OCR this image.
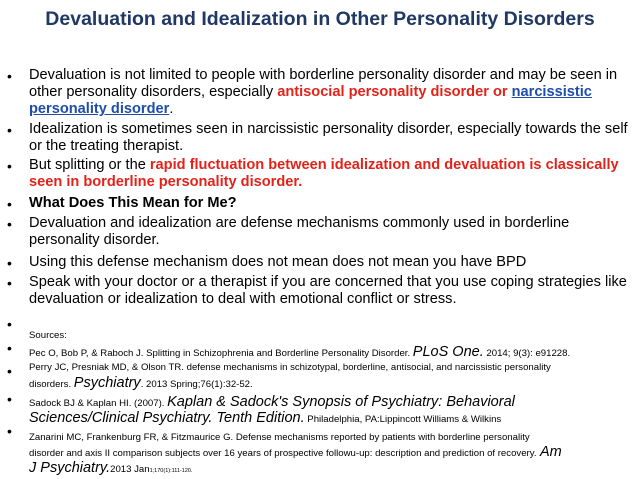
Devaluation and Idealization in Other Personality Disorders
• Devaluation is not limited to people with borderline personality disorder and may be seen in other personality disorders, especially antisocial personality disorder or narcissistic personality disorder.
• Idealization is sometimes seen in narcissistic personality disorder, especially towards the self or the treating therapist.
• But splitting or the rapid fluctuation between idealization and devaluation is classically seen in borderline personality disorder.
• What Does This Mean for Me?
• Devaluation and idealization are defense mechanisms commonly used in borderline personality disorder.
• Using this defense mechanism does not mean does not mean you have BPD
• Speak with your doctor or a therapist if you are concerned that you use coping strategies like devaluation or idealization to deal with emotional conflict or stress.
•
•
•
•
•
Sources:
Pec O, Bob P, & Raboch J. Splitting in Schizophrenia and Borderline Personality Disorder. PLoS One. 2014; 9(3): e91228.
Perry JC, Presniak MD, & Olson TR. defense mechanisms in schizotypal, borderline, antisocial, and narcissistic personality
disorders. Psychiatry. 2013 Spring;76(1):32-52.
Sadock BJ & Kaplan HI. (2007). Kaplan & Sadock's Synopsis of Psychiatry: Behavioral
Sciences/Clinical Psychiatry. Tenth Edition. Philadelphia, PA:Lippincott Williams & Wilkins
Zanarini MC, Frankenburg FR, & Fitzmaurice G. Defense mechanisms reported by patients with borderline personality
disorder and axis II comparison subjects over 16 years of prospective followu-up: description and prediction of recovery. Am
J Psychiatry.2013 Jan1;170(1):111-120.
